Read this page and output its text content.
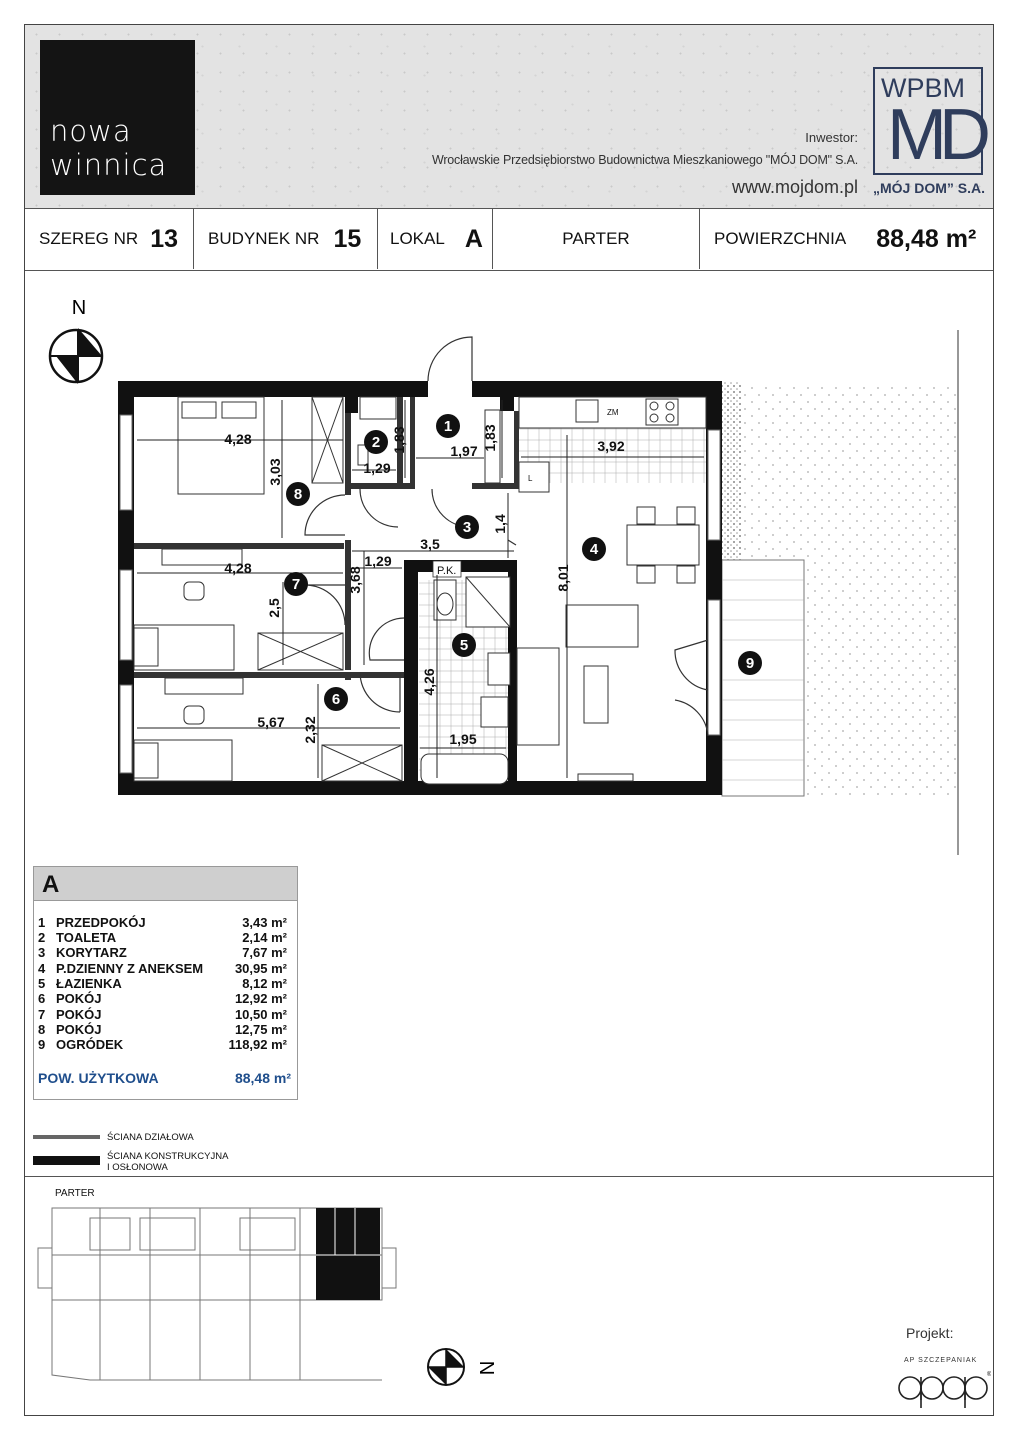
nowa
winnica
Inwestor:
Wrocławskie Przedsiębiorstwo Budownictwa Mieszkaniowego "MÓJ DOM" S.A.
www.mojdom.pl
WPBM
MD
„MÓJ DOM” S.A.
SZEREG NR 13 BUDYNEK NR 15 LOKAL A	PARTER	POWIERZCHNIA 88,48 m²
N
ZM
L
P.K.
4,28
3,03	1,29
1,83	1,97 1,83	3,92
1,4
3,5
1,29
4,28
2,5
3,68	8,01
4,26
5,67 2,32	1,95
1
2
3
4
5
6
7
8
9
A
1 PRZEDPOKÓJ	3,43 m²
2 TOALETA	2,14 m²
3 KORYTARZ	7,67 m²
4 P.DZIENNY Z ANEKSEM 30,95 m²
5 ŁAZIENKA	8,12 m²
6 POKÓJ	12,92 m²
7 POKÓJ	10,50 m²
8 POKÓJ	12,75 m²
9 OGRÓDEK	118,92 m²
POW. UŻYTKOWA	88,48 m²
ŚCIANA DZIAŁOWA
ŚCIANA KONSTRUKCYJNA
I OSŁONOWA
PARTER
N
Projekt:
AP SZCZEPANIAK
®
